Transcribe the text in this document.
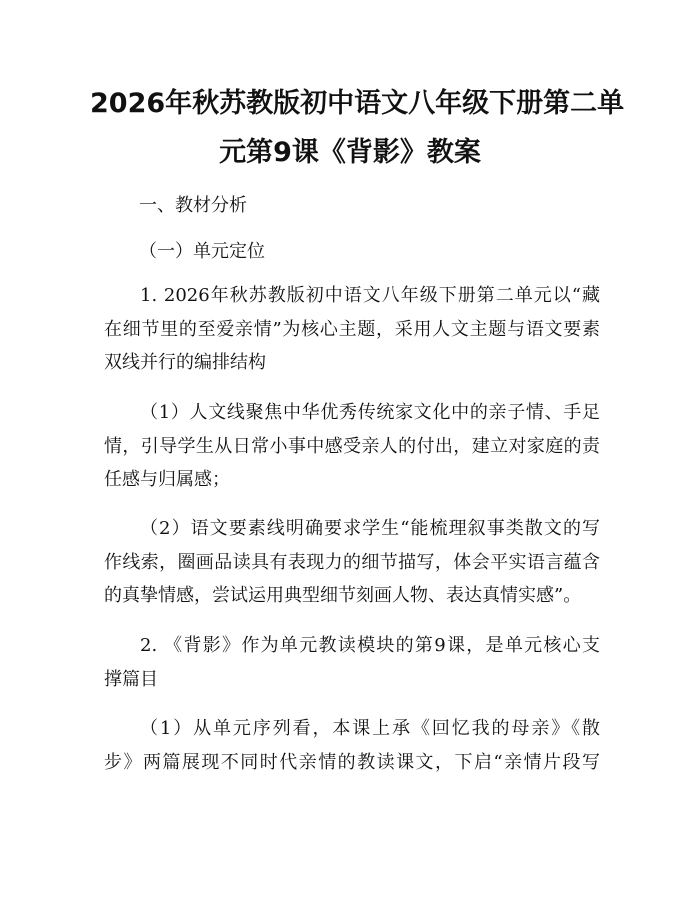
2026年秋苏教版初中语文八年级下册第二单
元第9课《背影》教案

一、教材分析

（一）单元定位

1. 2026年秋苏教版初中语文八年级下册第二单元以“藏
在细节里的至爱亲情”为核心主题，采用人文主题与语文要素
双线并行的编排结构
（1）人文线聚焦中华优秀传统家文化中的亲子情、手足
情，引导学生从日常小事中感受亲人的付出，建立对家庭的责
任感与归属感；
（2）语文要素线明确要求学生“能梳理叙事类散文的写
作线索，圈画品读具有表现力的细节描写，体会平实语言蕴含
的真挚情感，尝试运用典型细节刻画人物、表达真情实感”。
2. 《背影》作为单元教读模块的第9课，是单元核心支
撑篇目
（1）从单元序列看，本课上承《回忆我的母亲》《散
步》两篇展现不同时代亲情的教读课文，下启“亲情片段写
